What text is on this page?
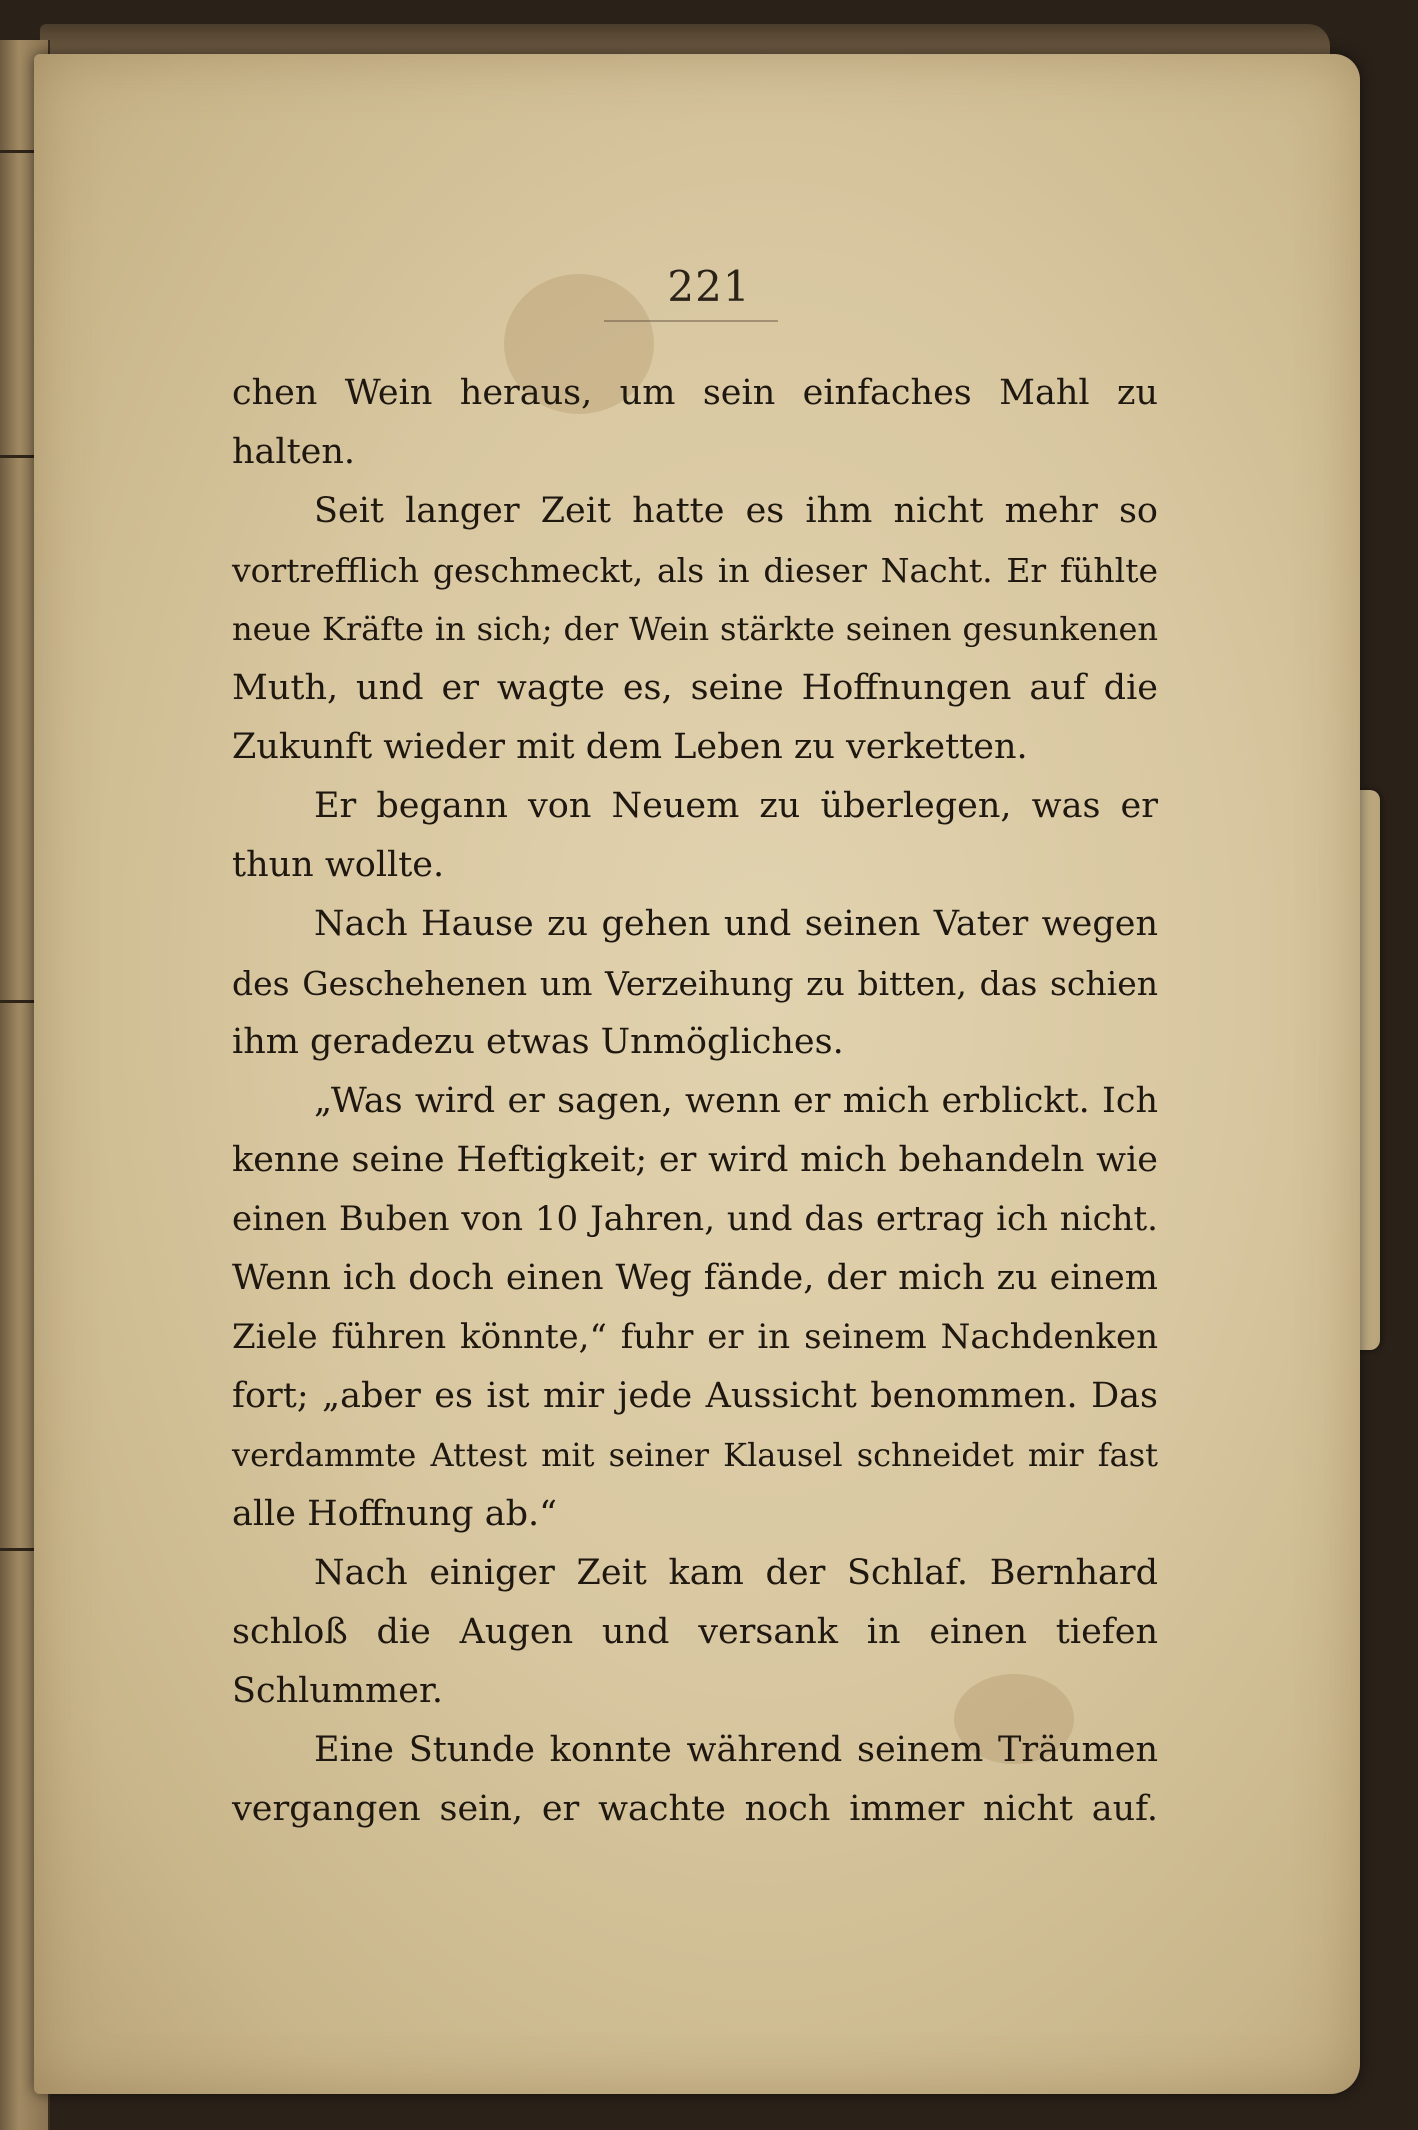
221
chen Wein heraus, um sein einfaches Mahl zu
halten.
Seit langer Zeit hatte es ihm nicht mehr so
vortrefflich geschmeckt, als in dieser Nacht. Er fühlte
neue Kräfte in sich; der Wein stärkte seinen gesunkenen
Muth, und er wagte es, seine Hoffnungen auf die
Zukunft wieder mit dem Leben zu verketten.
Er begann von Neuem zu überlegen, was er
thun wollte.
Nach Hause zu gehen und seinen Vater wegen
des Geschehenen um Verzeihung zu bitten, das schien
ihm geradezu etwas Unmögliches.
„Was wird er sagen, wenn er mich erblickt. Ich
kenne seine Heftigkeit; er wird mich behandeln wie
einen Buben von 10 Jahren, und das ertrag ich nicht.
Wenn ich doch einen Weg fände, der mich zu einem
Ziele führen könnte,“ fuhr er in seinem Nachdenken
fort; „aber es ist mir jede Aussicht benommen. Das
verdammte Attest mit seiner Klausel schneidet mir fast
alle Hoffnung ab.“
Nach einiger Zeit kam der Schlaf. Bernhard
schloß die Augen und versank in einen tiefen
Schlummer.
Eine Stunde konnte während seinem Träumen
vergangen sein, er wachte noch immer nicht auf.
